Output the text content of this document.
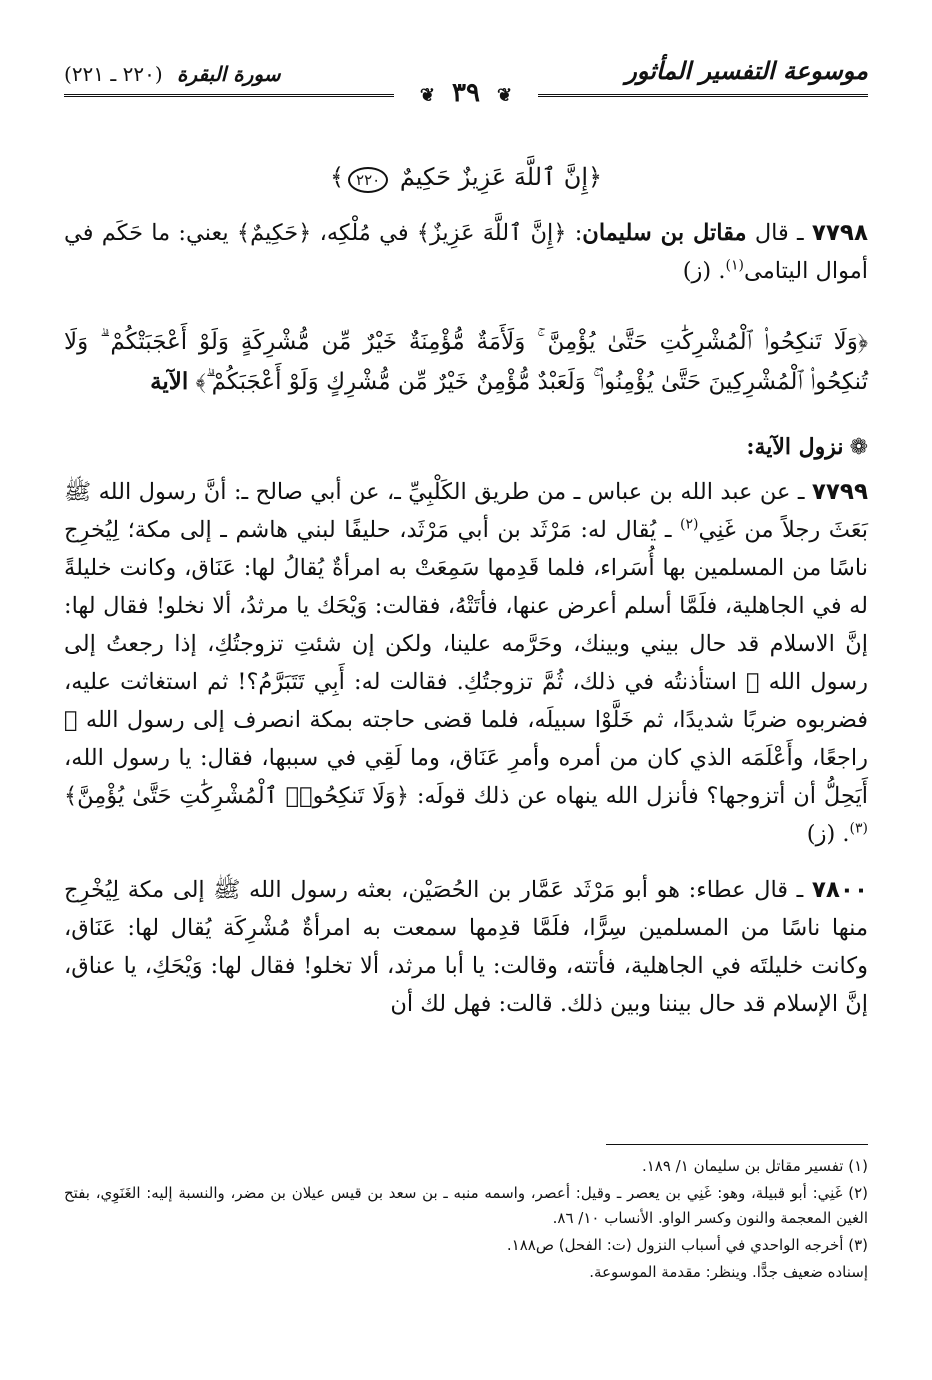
موسوعة التفسير المأثور
سورة البقرة (٢٢٠ ـ ٢٢١)
❦ ٣٩ ❦

﴿إِنَّ ٱللَّهَ عَزِيزٌ حَكِيمٌ ٢٢٠﴾

٧٧٩٨ ـ قال مقاتل بن سليمان: ﴿إِنَّ ٱللَّهَ عَزِيزٌ﴾ في مُلْكِه، ﴿حَكِيمٌ﴾ يعني: ما حَكَم في أموال اليتامى$^{(١)}$. (ز)

﴿وَلَا تَنكِحُوا۟ ٱلْمُشْرِكَٰتِ حَتَّىٰ يُؤْمِنَّ ۚ وَلَأَمَةٌ مُّؤْمِنَةٌ خَيْرٌ مِّن مُّشْرِكَةٍ وَلَوْ أَعْجَبَتْكُمْ ۗ وَلَا تُنكِحُوا۟ ٱلْمُشْرِكِينَ حَتَّىٰ يُؤْمِنُوا۟ ۚ وَلَعَبْدٌ مُّؤْمِنٌ خَيْرٌ مِّن مُّشْرِكٍ وَلَوْ أَعْجَبَكُمْ ۗ﴾ الآية

❁نزول الآية:

٧٧٩٩ ـ عن عبد الله بن عباس ـ من طريق الكَلْبِيِّ ـ، عن أبي صالح ـ: أنَّ رسول الله ﷺ بَعَثَ رجلاً من غَنِي$^{(٢)}$ ـ يُقال له: مَرْثَد بن أبي مَرْثَد، حليفًا لبني هاشم ـ إلى مكة؛ لِيُخرِج ناسًا من المسلمين بها أُسَراء، فلما قَدِمها سَمِعَتْ به امرأةٌ يُقالُ لها: عَنَاق، وكانت خليلةً له في الجاهلية، فلَمَّا أسلم أعرض عنها، فأتَتْهُ، فقالت: وَيْحَك يا مرثدُ، ألا نخلو! فقال لها: إنَّ الاسلام قد حال بيني وبينك، وحَرَّمه علينا، ولكن إن شئتِ تزوجتُكِ، إذا رجعتُ إلى رسول الله ﷺ استأذنتُه في ذلك، ثُمَّ تزوجتُكِ. فقالت له: أَبِي تَتَبَرَّمُ؟! ثم استغاثت عليه، فضربوه ضربًا شديدًا، ثم خَلَّوْا سبيلَه، فلما قضى حاجته بمكة انصرف إلى رسول الله ﷺ راجعًا، وأَعْلَمَه الذي كان من أمره وأمرِ عَنَاق، وما لَقِي في سببها، فقال: يا رسول الله، أَيَحِلُّ أن أتزوجها؟ فأنزل الله ينهاه عن ذلك قولَه: ﴿وَلَا تَنكِحُوا۟ ٱلْمُشْرِكَٰتِ حَتَّىٰ يُؤْمِنَّ﴾$^{(٣)}$. (ز)

٧٨٠٠ ـ قال عطاء: هو أبو مَرْثَد عَمَّار بن الحُصَيْن، بعثه رسول الله ﷺ إلى مكة لِيُخْرِج منها ناسًا من المسلمين سِرًّا، فلَمَّا قدِمها سمعت به امرأةٌ مُشْرِكَة يُقال لها: عَنَاق، وكانت خليلتَه في الجاهلية، فأتته، وقالت: يا أبا مرثد، ألا تخلو! فقال لها: وَيْحَكِ، يا عناق، إنَّ الإسلام قد حال بيننا وبين ذلك. قالت: فهل لك أن

(١) تفسير مقاتل بن سليمان ١/ ١٨٩.

(٢) غَنِي: أبو قبيلة، وهو: غَنِي بن يعصر ـ وقيل: أعصر، واسمه منبه ـ بن سعد بن قيس عيلان بن مضر، والنسبة إليه: الغَنَوِي، بفتح الغين المعجمة والنون وكسر الواو. الأنساب ١٠/ ٨٦.

(٣) أخرجه الواحدي في أسباب النزول (ت: الفحل) ص١٨٨.

إسناده ضعيف جدًّا. وينظر: مقدمة الموسوعة.
